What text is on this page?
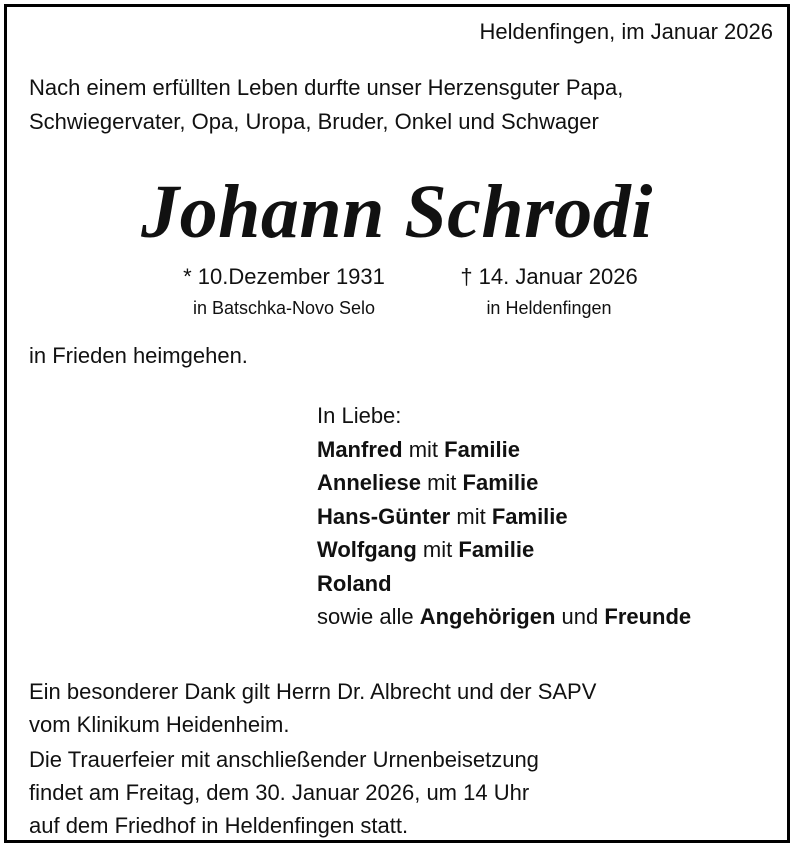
Heldenfingen, im Januar 2026
Nach einem erfüllten Leben durfte unser Herzensguter Papa,
Schwiegervater, Opa, Uropa, Bruder, Onkel und Schwager
Johann Schrodi
* 10.Dezember 1931
in Batschka-Novo Selo
† 14. Januar 2026
in Heldenfingen
in Frieden heimgehen.
In Liebe:
Manfred mit Familie
Anneliese mit Familie
Hans-Günter mit Familie
Wolfgang mit Familie
Roland
sowie alle Angehörigen und Freunde
Ein besonderer Dank gilt Herrn Dr. Albrecht und der SAPV
vom Klinikum Heidenheim.
Die Trauerfeier mit anschließender Urnenbeisetzung
findet am Freitag, dem 30. Januar 2026, um 14 Uhr
auf dem Friedhof in Heldenfingen statt.
